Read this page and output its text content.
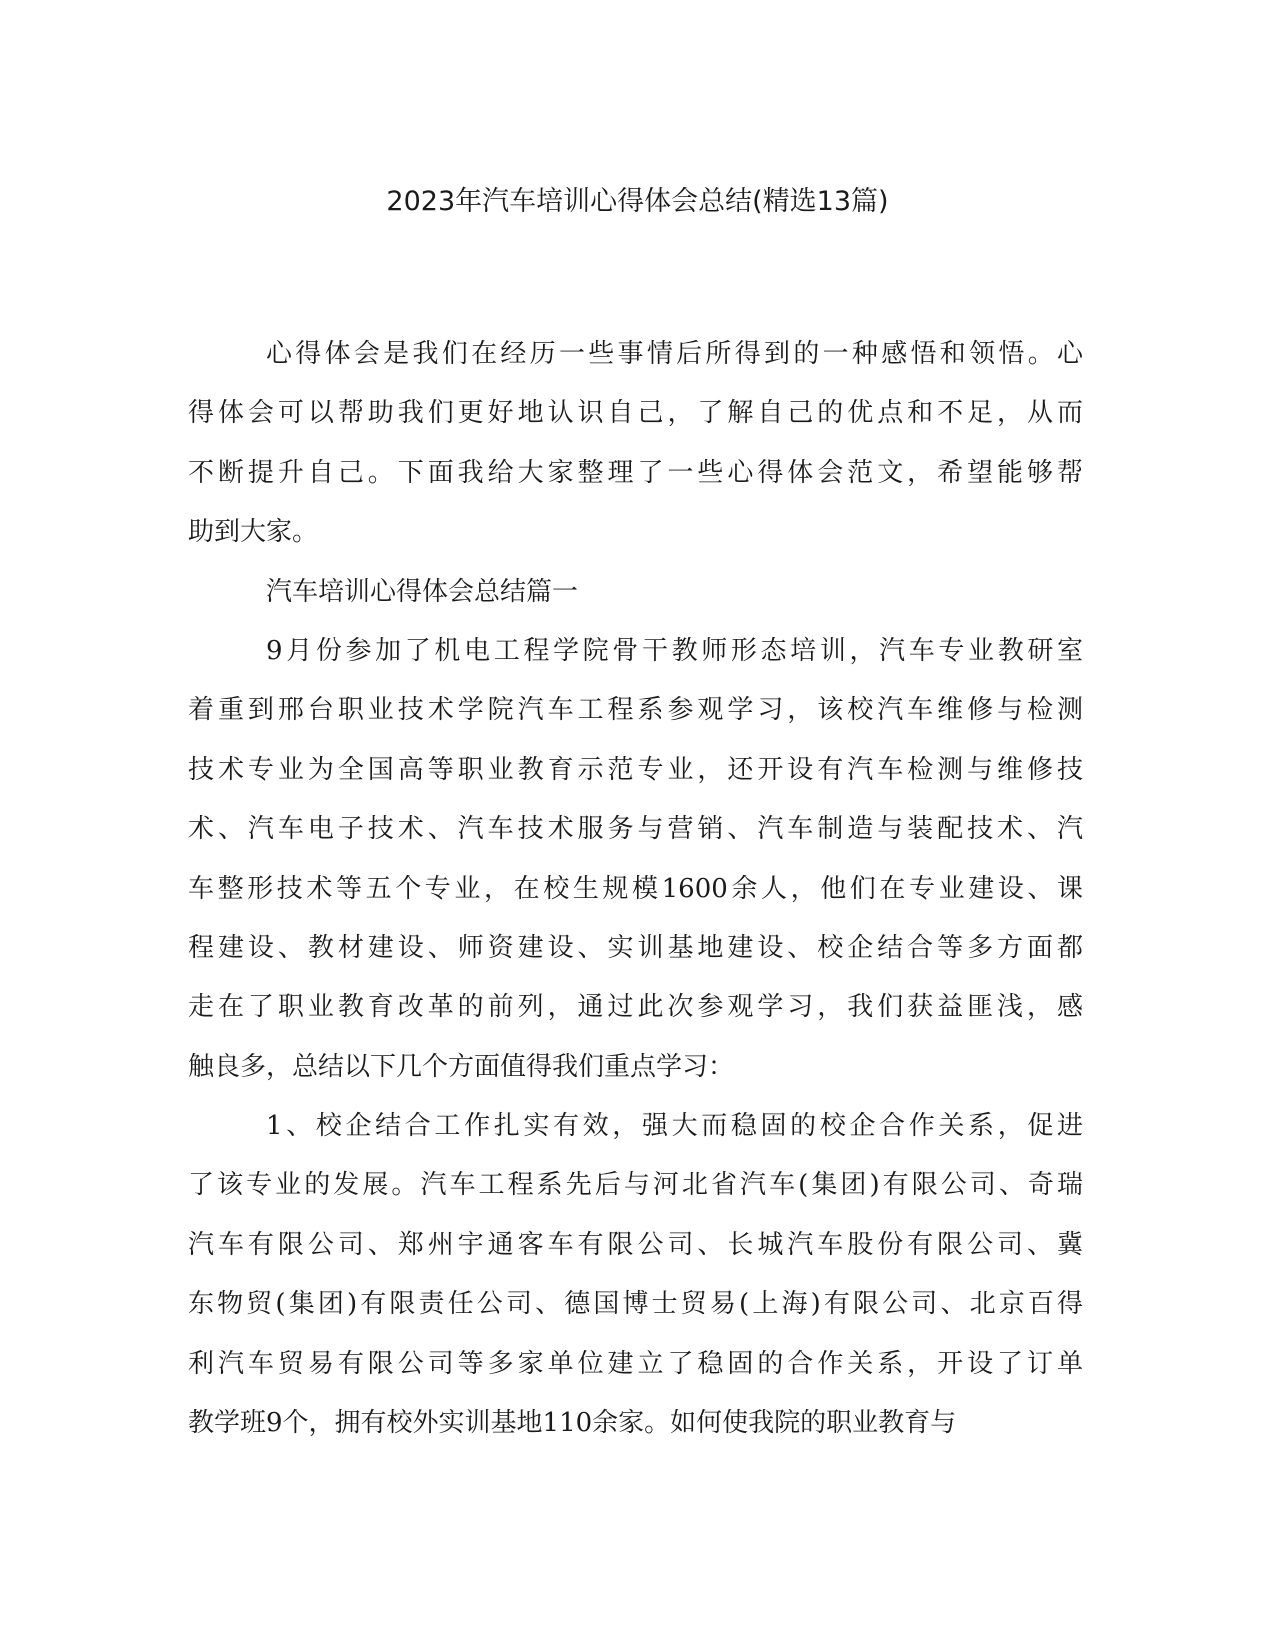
2023年汽车培训心得体会总结(精选13篇)
心得体会是我们在经历一些事情后所得到的一种感悟和领悟。心
得体会可以帮助我们更好地认识自己，了解自己的优点和不足，从而
不断提升自己。下面我给大家整理了一些心得体会范文，希望能够帮
助到大家。
汽车培训心得体会总结篇一
9月份参加了机电工程学院骨干教师形态培训，汽车专业教研室
着重到邢台职业技术学院汽车工程系参观学习，该校汽车维修与检测
技术专业为全国高等职业教育示范专业，还开设有汽车检测与维修技
术、汽车电子技术、汽车技术服务与营销、汽车制造与装配技术、汽
车整形技术等五个专业，在校生规模1600余人，他们在专业建设、课
程建设、教材建设、师资建设、实训基地建设、校企结合等多方面都
走在了职业教育改革的前列，通过此次参观学习，我们获益匪浅，感
触良多，总结以下几个方面值得我们重点学习：
1、校企结合工作扎实有效，强大而稳固的校企合作关系，促进
了该专业的发展。汽车工程系先后与河北省汽车(集团)有限公司、奇瑞
汽车有限公司、郑州宇通客车有限公司、长城汽车股份有限公司、冀
东物贸(集团)有限责任公司、德国博士贸易(上海)有限公司、北京百得
利汽车贸易有限公司等多家单位建立了稳固的合作关系，开设了订单
教学班9个，拥有校外实训基地110余家。如何使我院的职业教育与
